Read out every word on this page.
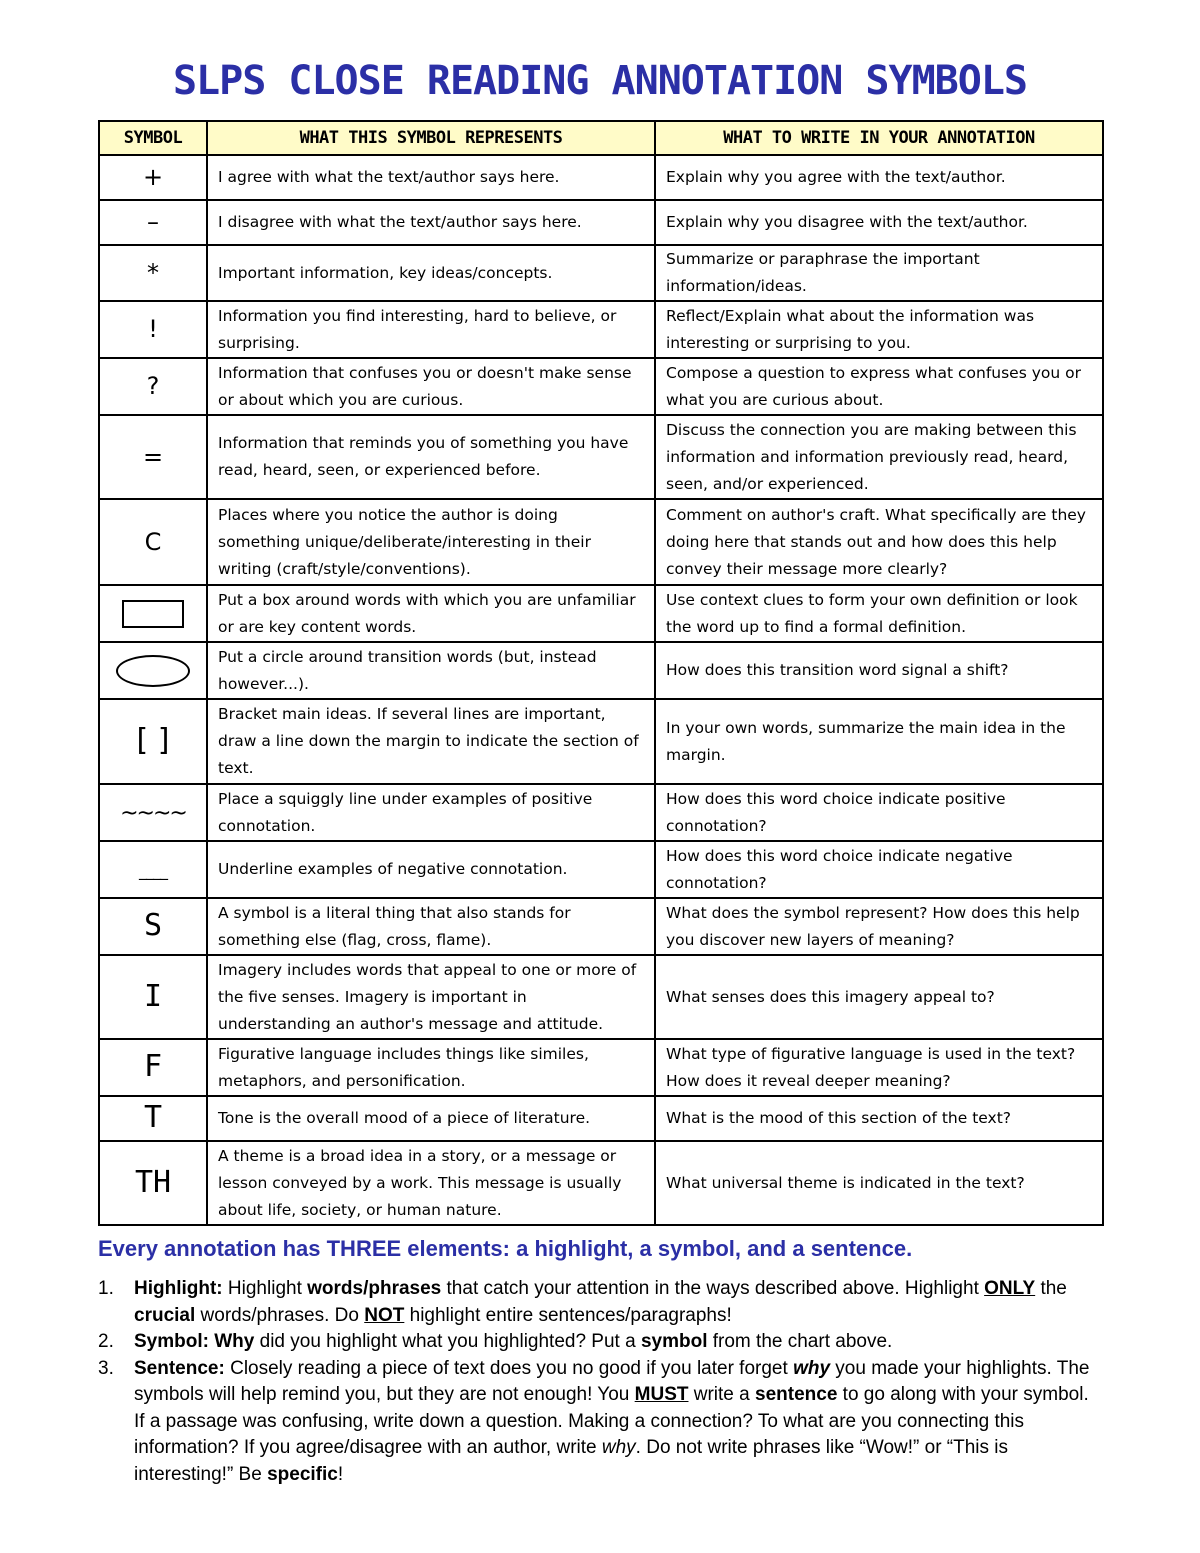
SLPS CLOSE READING ANNOTATION SYMBOLS
SYMBOL	WHAT THIS SYMBOL REPRESENTS	WHAT TO WRITE IN YOUR ANNOTATION
+	I agree with what the text/author says here.	Explain why you agree with the text/author.
–	I disagree with what the text/author says here.	Explain why you disagree with the text/author.
*	Important information, key ideas/concepts.	Summarize or paraphrase the important information/ideas.
!	Information you find interesting, hard to believe, or surprising.	Reflect/Explain what about the information was interesting or surprising to you.
?	Information that confuses you or doesn't make sense or about which you are curious.	Compose a question to express what confuses you or what you are curious about.
=	Information that reminds you of something you have read, heard, seen, or experienced before.	Discuss the connection you are making between this information and information previously read, heard, seen, and/or experienced.
C	Places where you notice the author is doing something unique/deliberate/interesting in their writing (craft/style/conventions).	Comment on author's craft. What specifically are they doing here that stands out and how does this help convey their message more clearly?
	Put a box around words with which you are unfamiliar or are key content words.	Use context clues to form your own definition or look the word up to find a formal definition.
	Put a circle around transition words (but, instead however...).	How does this transition word signal a shift?
[ ]	Bracket main ideas. If several lines are important, draw a line down the margin to indicate the section of text.	In your own words, summarize the main idea in the margin.
~~~~	Place a squiggly line under examples of positive connotation.	How does this word choice indicate positive connotation?
____	Underline examples of negative connotation.	How does this word choice indicate negative connotation?
S	A symbol is a literal thing that also stands for something else (flag, cross, flame).	What does the symbol represent? How does this help you discover new layers of meaning?
I	Imagery includes words that appeal to one or more of the five senses. Imagery is important in understanding an author's message and attitude.	What senses does this imagery appeal to?
F	Figurative language includes things like similes, metaphors, and personification.	What type of figurative language is used in the text? How does it reveal deeper meaning?
T	Tone is the overall mood of a piece of literature.	What is the mood of this section of the text?
TH	A theme is a broad idea in a story, or a message or lesson conveyed by a work. This message is usually about life, society, or human nature.	What universal theme is indicated in the text?
Every annotation has THREE elements: a highlight, a symbol, and a sentence.
1. Highlight: Highlight words/phrases that catch your attention in the ways described above. Highlight ONLY the crucial words/phrases. Do NOT highlight entire sentences/paragraphs!
2. Symbol: Why did you highlight what you highlighted? Put a symbol from the chart above.
3. Sentence: Closely reading a piece of text does you no good if you later forget why you made your highlights. The symbols will help remind you, but they are not enough! You MUST write a sentence to go along with your symbol. If a passage was confusing, write down a question. Making a connection? To what are you connecting this information? If you agree/disagree with an author, write why. Do not write phrases like “Wow!” or “This is interesting!” Be specific!
